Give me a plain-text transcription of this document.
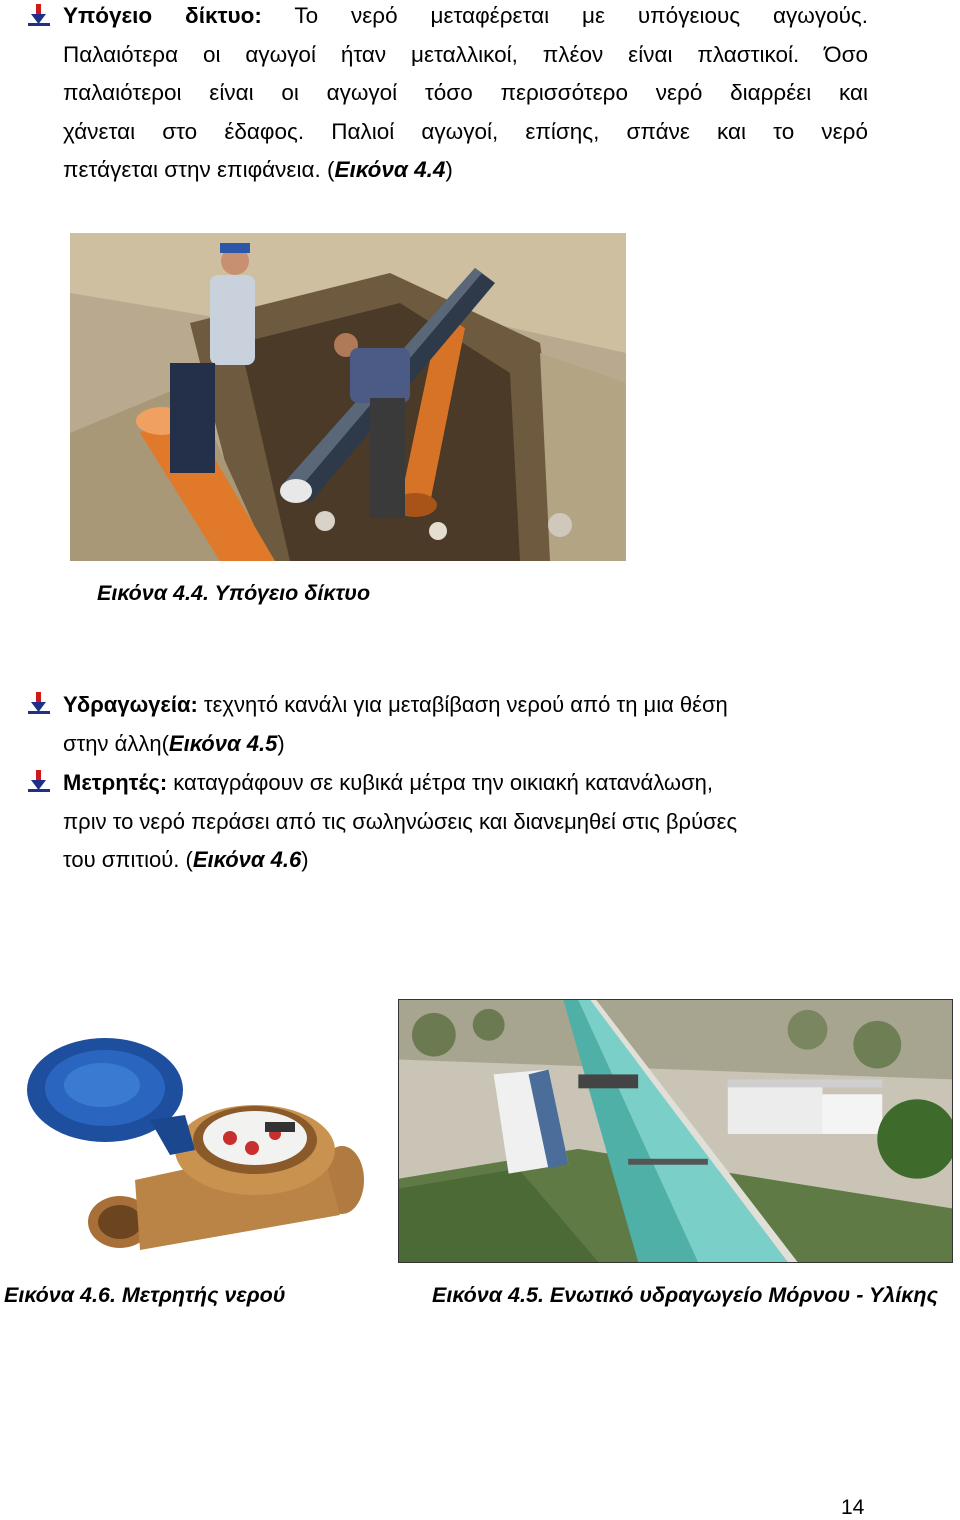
Υπόγειο δίκτυο: Το νερό μεταφέρεται με υπόγειους αγωγούς.
Παλαιότερα οι αγωγοί ήταν μεταλλικοί, πλέον είναι πλαστικοί. Όσο
παλαιότεροι είναι οι αγωγοί τόσο περισσότερο νερό διαρρέει και
χάνεται στο έδαφος. Παλιοί αγωγοί, επίσης, σπάνε και το νερό
πετάγεται στην επιφάνεια. (Εικόνα 4.4)
Εικόνα 4.4. Υπόγειο δίκτυο
Υδραγωγεία: τεχνητό κανάλι για μεταβίβαση νερού από τη μια θέση
στην άλλη(Εικόνα 4.5)
Μετρητές: καταγράφουν σε κυβικά μέτρα την οικιακή κατανάλωση,
πριν το νερό περάσει από τις σωληνώσεις και διανεμηθεί στις βρύσες
του σπιτιού. (Εικόνα 4.6)
Εικόνα 4.6. Μετρητής νερού	Εικόνα 4.5. Ενωτικό υδραγωγείο Μόρνου - Υλίκης
14
